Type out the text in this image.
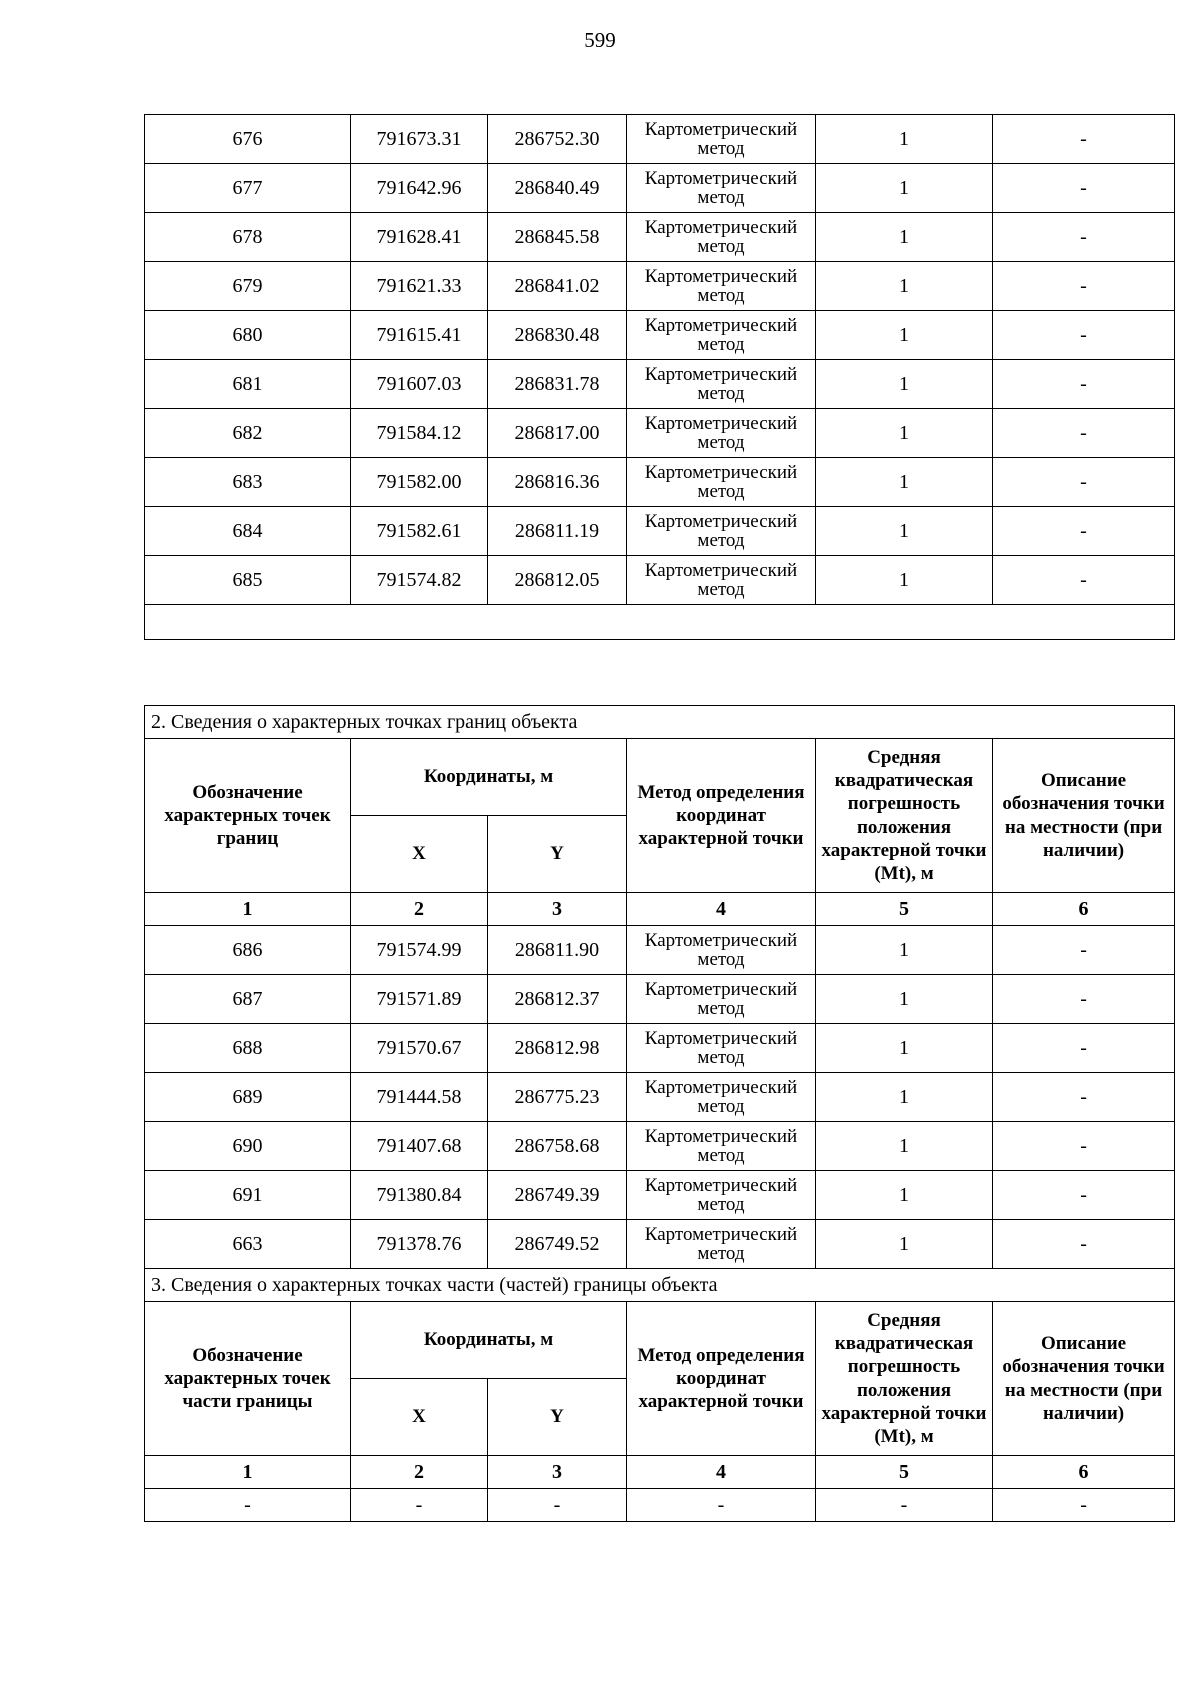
599
676	791673.31	286752.30	Картометрический метод	1	-
677	791642.96	286840.49	Картометрический метод	1	-
678	791628.41	286845.58	Картометрический метод	1	-
679	791621.33	286841.02	Картометрический метод	1	-
680	791615.41	286830.48	Картометрический метод	1	-
681	791607.03	286831.78	Картометрический метод	1	-
682	791584.12	286817.00	Картометрический метод	1	-
683	791582.00	286816.36	Картометрический метод	1	-
684	791582.61	286811.19	Картометрический метод	1	-
685	791574.82	286812.05	Картометрический метод	1	-

2. Сведения о характерных точках границ объекта					
Обозначение характерных точек границ	Координаты, м		Метод определения координат характерной точки	Средняя квадратическая погрешность положения характерной точки (Mt), м	Описание обозначения точки на местности (при наличии)
	X	Y			
1	2	3	4	5	6
686	791574.99	286811.90	Картометрический метод	1	-
687	791571.89	286812.37	Картометрический метод	1	-
688	791570.67	286812.98	Картометрический метод	1	-
689	791444.58	286775.23	Картометрический метод	1	-
690	791407.68	286758.68	Картометрический метод	1	-
691	791380.84	286749.39	Картометрический метод	1	-
663	791378.76	286749.52	Картометрический метод	1	-
3. Сведения о характерных точках части (частей) границы объекта					
Обозначение характерных точек части границы	Координаты, м		Метод определения координат характерной точки	Средняя квадратическая погрешность положения характерной точки (Mt), м	Описание обозначения точки на местности (при наличии)
	X	Y			
1	2	3	4	5	6
-	-	-	-	-	-
